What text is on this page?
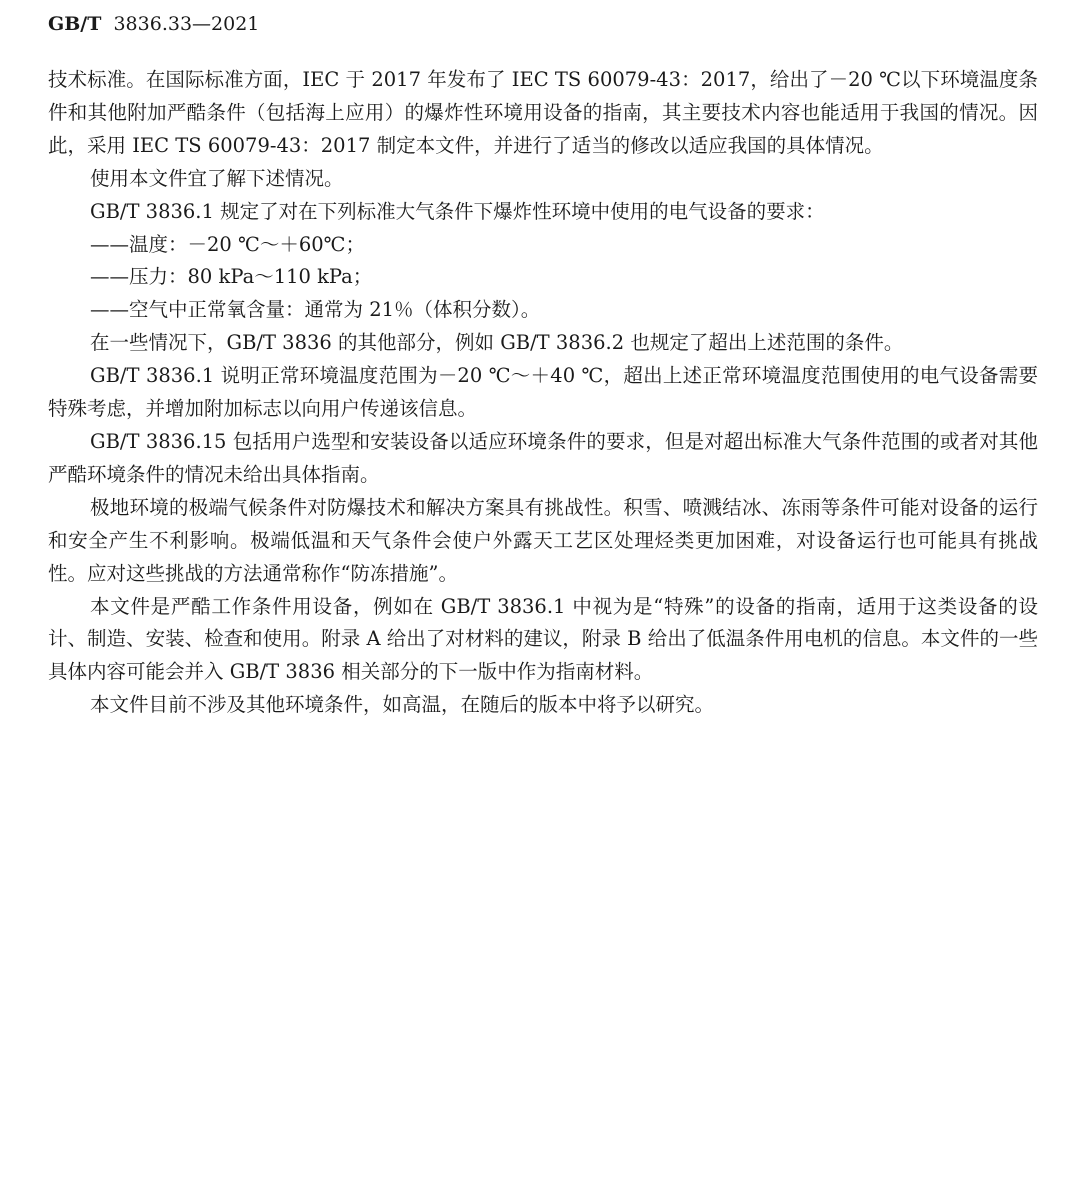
GB/T 3836.33—2021

技术标准。在国际标准方面，IEC 于 2017 年发布了 IEC TS 60079-43：2017，给出了－20 ℃以下环境温度条件和其他附加严酷条件（包括海上应用）的爆炸性环境用设备的指南，其主要技术内容也能适用于我国的情况。因此，采用 IEC TS 60079-43：2017 制定本文件，并进行了适当的修改以适应我国的具体情况。

使用本文件宜了解下述情况。

GB/T 3836.1 规定了对在下列标准大气条件下爆炸性环境中使用的电气设备的要求：

——温度：－20 ℃～＋60℃；

——压力：80 kPa～110 kPa；

——空气中正常氧含量：通常为 21％（体积分数）。

在一些情况下，GB/T 3836 的其他部分，例如 GB/T 3836.2 也规定了超出上述范围的条件。

GB/T 3836.1 说明正常环境温度范围为－20 ℃～＋40 ℃，超出上述正常环境温度范围使用的电气设备需要特殊考虑，并增加附加标志以向用户传递该信息。

GB/T 3836.15 包括用户选型和安装设备以适应环境条件的要求，但是对超出标准大气条件范围的或者对其他严酷环境条件的情况未给出具体指南。

极地环境的极端气候条件对防爆技术和解决方案具有挑战性。积雪、喷溅结冰、冻雨等条件可能对设备的运行和安全产生不利影响。极端低温和天气条件会使户外露天工艺区处理烃类更加困难，对设备运行也可能具有挑战性。应对这些挑战的方法通常称作“防冻措施”。

本文件是严酷工作条件用设备，例如在 GB/T 3836.1 中视为是“特殊”的设备的指南，适用于这类设备的设计、制造、安装、检查和使用。附录 A 给出了对材料的建议，附录 B 给出了低温条件用电机的信息。本文件的一些具体内容可能会并入 GB/T 3836 相关部分的下一版中作为指南材料。

本文件目前不涉及其他环境条件，如高温，在随后的版本中将予以研究。
